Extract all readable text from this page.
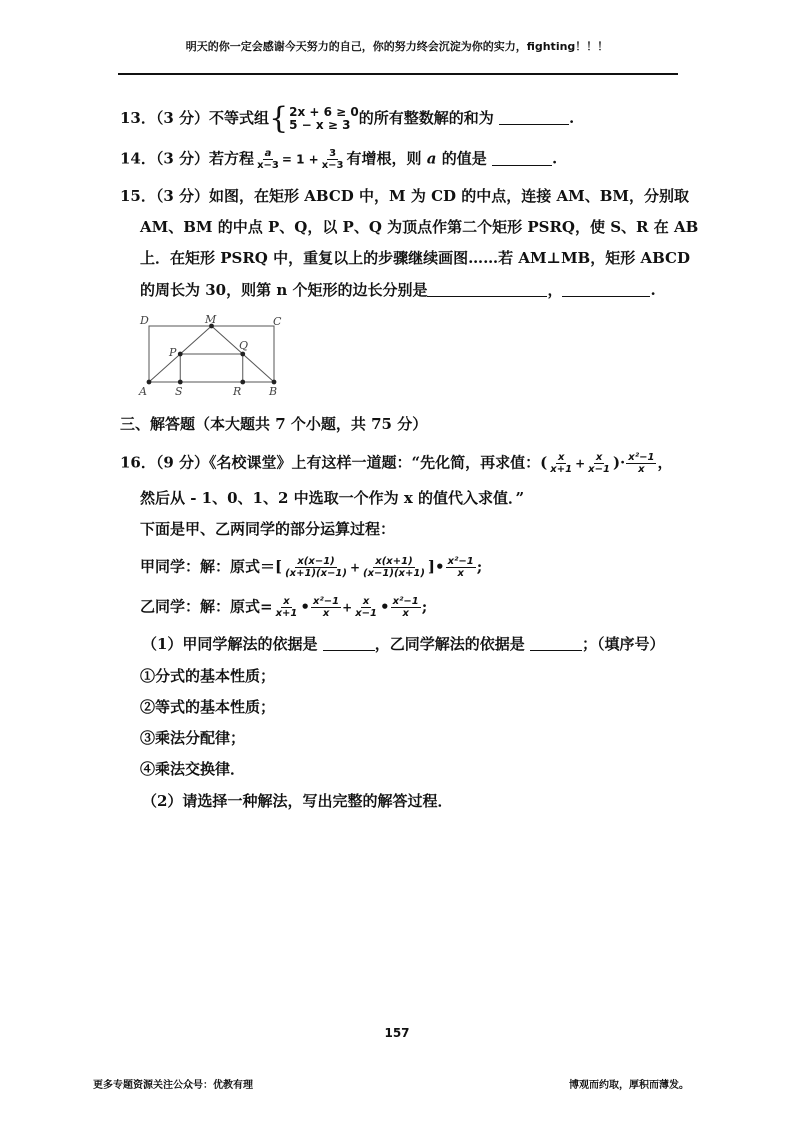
明天的你一定会感谢今天努力的自己，你的努力终会沉淀为你的实力，fighting！！！
13．（3 分）不等式组 { 2x + 6 ≥ 0
5 − x ≥ 3 的所有整数解的和为	.
14．（3 分）若方程 $\frac{a}{x-3} = 1 + \frac{3}{x-3}$ 有增根，则 a 的值是	.
15．（3 分）如图，在矩形 ABCD 中，M 为 CD 的中点，连接 AM、BM，分别取
AM、BM 的中点 P、Q，以 P、Q 为顶点作第二个矩形 PSRQ，使 S、R 在 AB
上．在矩形 PSRQ 中，重复以上的步骤继续画图……若 AM⊥MB，矩形 ABCD
的周长为 30，则第 n 个矩形的边长分别是	，	.
D	M	C
P
Q
A	S	R	B
三、解答题（本大题共 7 个小题，共 75 分）
16．（9 分）《名校课堂》上有这样一道题：“先化简，再求值：( $\frac{x}{x+1} + \frac{x}{x-1}$ )· $\frac{\text{x²−1}}{x}$ ，
然后从 - 1、0、1、2 中选取一个作为 x 的值代入求值．”
下面是甲、乙两同学的部分运算过程：
甲同学：解：原式＝[ $\frac{x(x-1)}{(x+1)(x-1)} + \frac{x(x+1)}{(x-1)(x+1)}$ ]• $\frac{\text{x²−1}}{x}$ ;
乙同学：解：原式= $\frac{x}{x+1}$ • $\frac{\text{x²−1}}{x} + \frac{x}{x-1}$ • $\frac{\text{x²−1}}{x}$ ;
（1）甲同学解法的依据是	，乙同学解法的依据是	；（填序号）
①分式的基本性质；
②等式的基本性质；
③乘法分配律；
④乘法交换律．
（2）请选择一种解法，写出完整的解答过程．
157
更多专题资源关注公众号：优教有理	博观而约取，厚积而薄发。
